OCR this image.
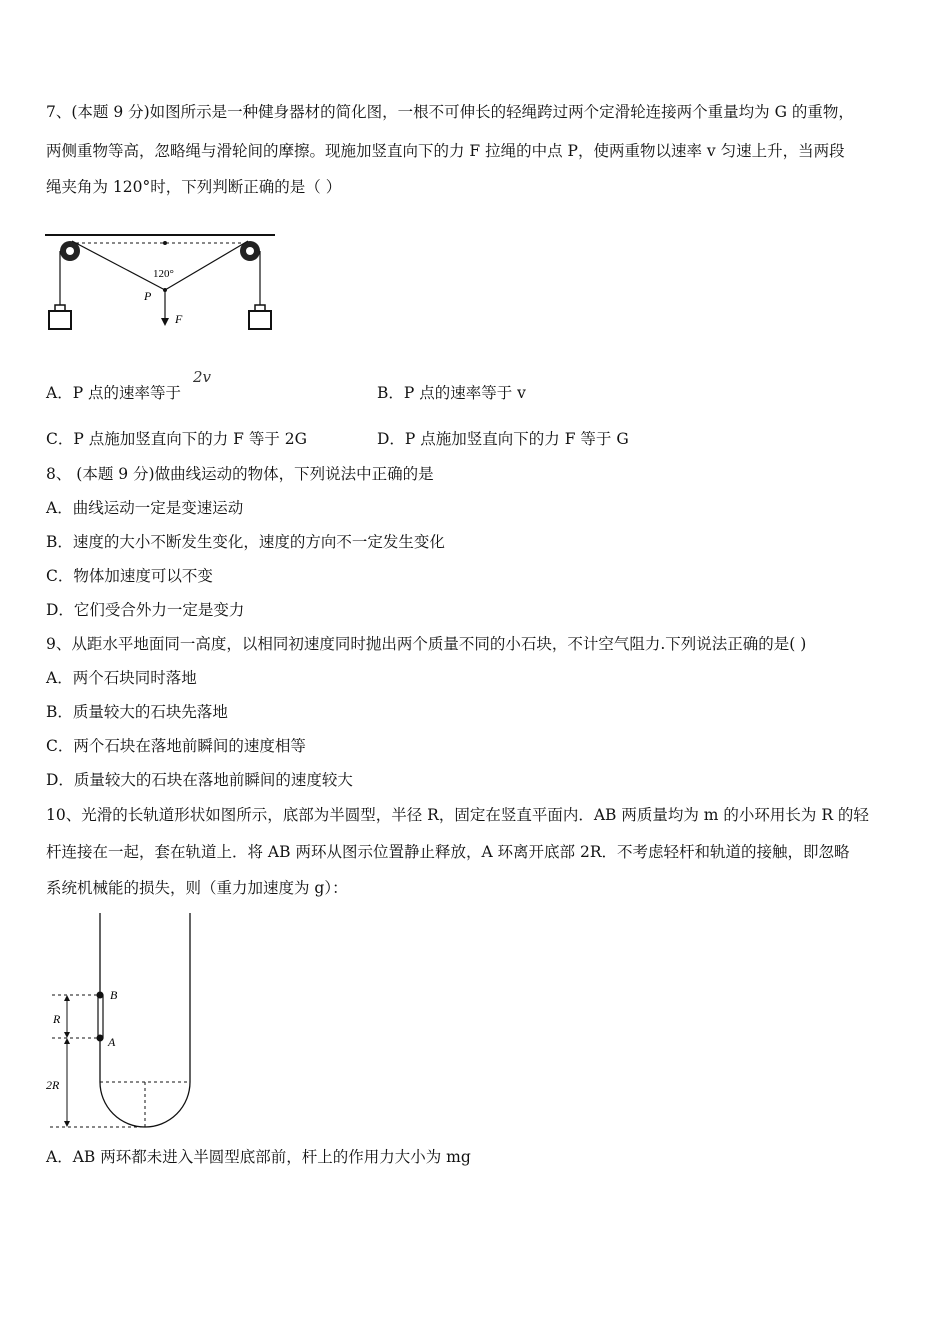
7、(本题 9 分)如图所示是一种健身器材的简化图，一根不可伸长的轻绳跨过两个定滑轮连接两个重量均为 G 的重物，
两侧重物等高，忽略绳与滑轮间的摩擦。现施加竖直向下的力 F 拉绳的中点 P，使两重物以速率 v 匀速上升，当两段
绳夹角为 120°时，下列判断正确的是（ ）
120°
P
F
A．P 点的速率等于
2v
B．P 点的速率等于 v
C．P 点施加竖直向下的力 F 等于 2G	D．P 点施加竖直向下的力 F 等于 G
8、 (本题 9 分)做曲线运动的物体，下列说法中正确的是
A．曲线运动一定是变速运动
B．速度的大小不断发生变化，速度的方向不一定发生变化
C．物体加速度可以不变
D．它们受合外力一定是变力
9、从距水平地面同一高度，以相同初速度同时抛出两个质量不同的小石块，不计空气阻力.下列说法正确的是( )
A．两个石块同时落地
B．质量较大的石块先落地
C．两个石块在落地前瞬间的速度相等
D．质量较大的石块在落地前瞬间的速度较大
10、光滑的长轨道形状如图所示，底部为半圆型，半径 R，固定在竖直平面内．AB 两质量均为 m 的小环用长为 R 的轻
杆连接在一起，套在轨道上．将 AB 两环从图示位置静止释放，A 环离开底部 2R．不考虑轻杆和轨道的接触，即忽略
系统机械能的损失，则（重力加速度为 g）：
B
A
R
2R
A．AB 两环都未进入半圆型底部前，杆上的作用力大小为 mg
